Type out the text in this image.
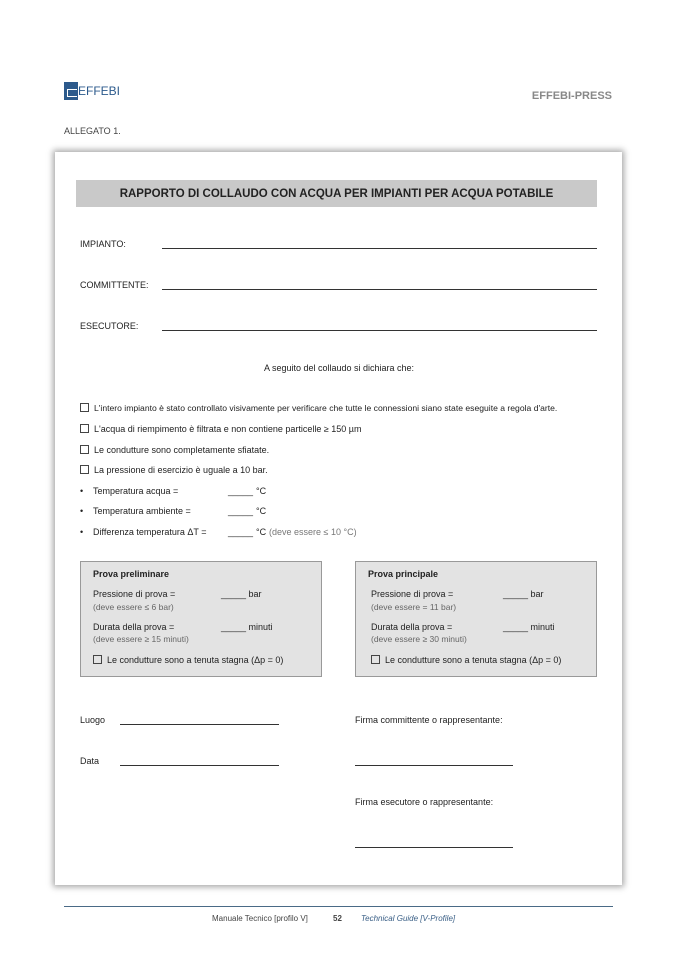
EFFEBI	EFFEBI-PRESS
ALLEGATO 1.
RAPPORTO DI COLLAUDO CON ACQUA PER IMPIANTI PER ACQUA POTABILE
IMPIANTO:
COMMITTENTE:
ESECUTORE:
A seguito del collaudo si dichiara che:
L'intero impianto è stato controllato visivamente per verificare che tutte le connessioni siano state eseguite a regola d'arte.
L'acqua di riempimento è filtrata e non contiene particelle ≥ 150 µm
Le condutture sono completamente sfiatate.
La pressione di esercizio è uguale a 10 bar.
• Temperatura acqua =	_____ °C
• Temperatura ambiente =	_____ °C
• Differenza temperatura ΔT = _____ °C (deve essere ≤ 10 °C)
Prova preliminare
Pressione di prova =	_____ bar
(deve essere ≤ 6 bar)
Durata della prova =	_____ minuti
(deve essere ≥ 15 minuti)
Le condutture sono a tenuta stagna (Δp = 0)
Prova principale
Pressione di prova =	_____ bar
(deve essere = 11 bar)
Durata della prova =	_____ minuti
(deve essere ≥ 30 minuti)
Le condutture sono a tenuta stagna (Δp = 0)
Luogo
Data
Firma committente o rappresentante:
Firma esecutore o rappresentante:
Manuale Tecnico [profilo V]	52 Technical Guide [V-Profile]
